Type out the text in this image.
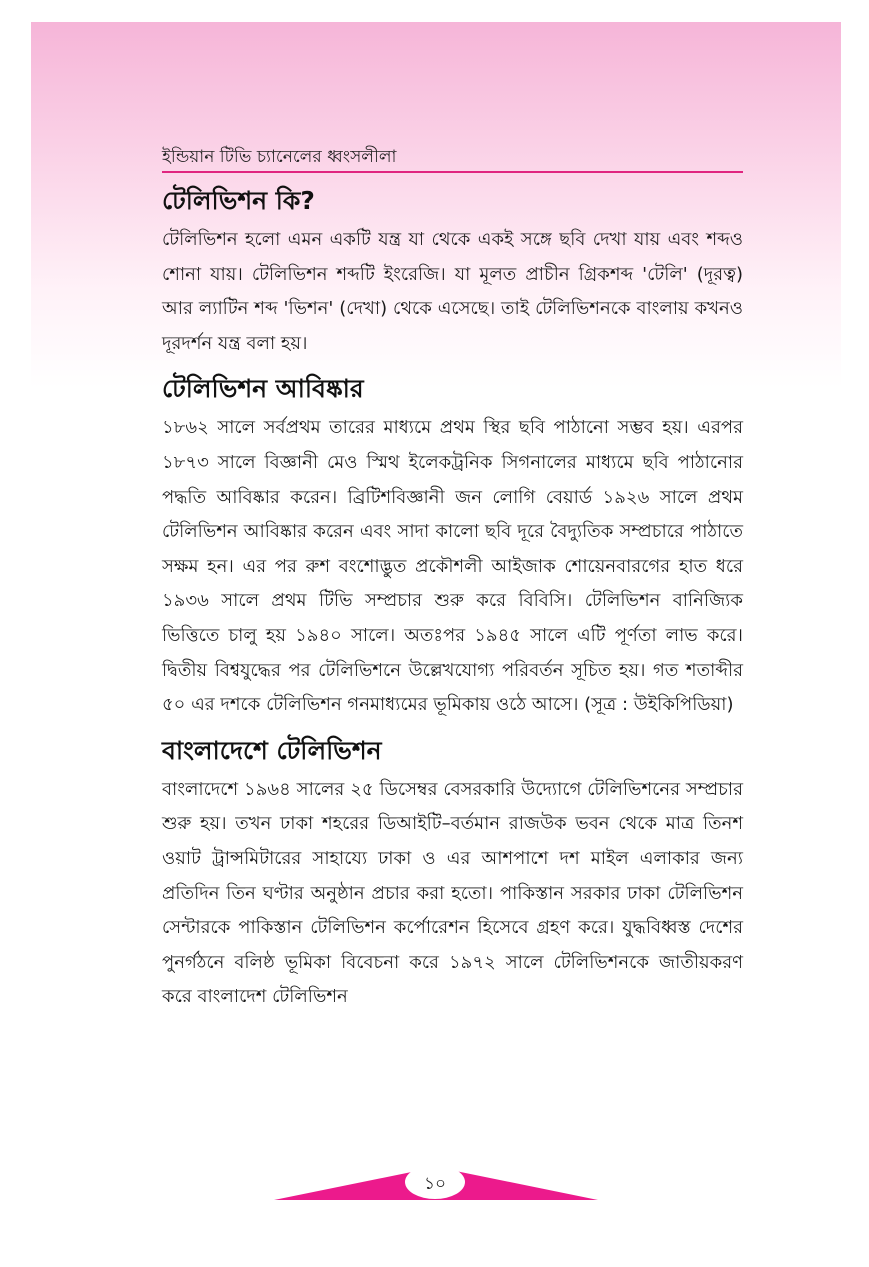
ইন্ডিয়ান টিভি চ্যানেলের ধ্বংসলীলা
টেলিভিশন কি?

টেলিভিশন হলো এমন একটি যন্ত্র যা থেকে একই সঙ্গে ছবি দেখা যায় এবং শব্দও শোনা যায়। টেলিভিশন শব্দটি ইংরেজি। যা মূলত প্রাচীন গ্রিকশব্দ 'টেলি' (দূরত্ব) আর ল্যাটিন শব্দ 'ভিশন' (দেখা) থেকে এসেছে। তাই টেলিভিশনকে বাংলায় কখনও দূরদর্শন যন্ত্র বলা হয়।

টেলিভিশন আবিষ্কার

১৮৬২ সালে সর্বপ্রথম তারের মাধ্যমে প্রথম স্থির ছবি পাঠানো সম্ভব হয়। এরপর ১৮৭৩ সালে বিজ্ঞানী মেও স্মিথ ইলেকট্রনিক সিগনালের মাধ্যমে ছবি পাঠানোর পদ্ধতি আবিষ্কার করেন। ব্রিটিশবিজ্ঞানী জন লোগি বেয়ার্ড ১৯২৬ সালে প্রথম টেলিভিশন আবিষ্কার করেন এবং সাদা কালো ছবি দূরে বৈদ্যুতিক সম্প্রচারে পাঠাতে সক্ষম হন। এর পর রুশ বংশোদ্ভুত প্রকৌশলী আইজাক শোয়েনবারগের হাত ধরে ১৯৩৬ সালে প্রথম টিভি সম্প্রচার শুরু করে বিবিসি। টেলিভিশন বানিজ্যিক ভিত্তিতে চালু হয় ১৯৪০ সালে। অতঃপর ১৯৪৫ সালে এটি পূর্ণতা লাভ করে। দ্বিতীয় বিশ্বযুদ্ধের পর টেলিভিশনে উল্লেখযোগ্য পরিবর্তন সূচিত হয়। গত শতাব্দীর ৫০ এর দশকে টেলিভিশন গনমাধ্যমের ভূমিকায় ওঠে আসে। (সূত্র : উইকিপিডিয়া)

বাংলাদেশে টেলিভিশন

বাংলাদেশে ১৯৬৪ সালের ২৫ ডিসেম্বর বেসরকারি উদ্যোগে টেলিভিশনের সম্প্রচার শুরু হয়। তখন ঢাকা শহরের ডিআইটি–বর্তমান রাজউক ভবন থেকে মাত্র তিনশ ওয়াট ট্রান্সমিটারের সাহায্যে ঢাকা ও এর আশপাশে দশ মাইল এলাকার জন্য প্রতিদিন তিন ঘণ্টার অনুষ্ঠান প্রচার করা হতো। পাকিস্তান সরকার ঢাকা টেলিভিশন সেন্টারকে পাকিস্তান টেলিভিশন কর্পোরেশন হিসেবে গ্রহণ করে। যুদ্ধবিধ্বস্ত দেশের পুনর্গঠনে বলিষ্ঠ ভূমিকা বিবেচনা করে ১৯৭২ সালে টেলিভিশনকে জাতীয়করণ করে বাংলাদেশ টেলিভিশন

১০
